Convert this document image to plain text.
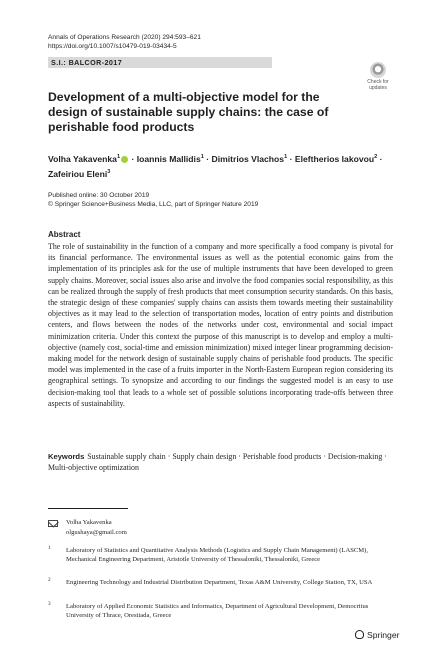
Annals of Operations Research (2020) 294:593–621
https://doi.org/10.1007/s10479-019-03434-5
S.I.: BALCOR-2017
Check for updates
Development of a multi-objective model for the design of sustainable supply chains: the case of perishable food products
Volha Yakavenka$^1$ · Ioannis Mallidis$^1$ · Dimitrios Vlachos$^1$ · Eleftherios Iakovou$^2$ ·
Zafeiriou Eleni$^3$
Published online: 30 October 2019
© Springer Science+Business Media, LLC, part of Springer Nature 2019
Abstract
The role of sustainability in the function of a company and more specifically a food company is pivotal for its financial performance. The environmental issues as well as the potential economic gains from the implementation of its principles ask for the use of multiple instruments that have been developed to green supply chains. Moreover, social issues also arise and involve the food companies social responsibility, as this can be realized through the supply of fresh products that meet consumption security standards. On this basis, the strategic design of these companies' supply chains can assists them towards meeting their sustainability objectives as it may lead to the selection of transportation modes, location of entry points and distribution centers, and flows between the nodes of the networks under cost, environmental and social impact minimization criteria. Under this context the purpose of this manuscript is to develop and employ a multi-objective (namely cost, social-time and emission minimization) mixed integer linear programming decision-making model for the network design of sustainable supply chains of perishable food products. The specific model was implemented in the case of a fruits importer in the North-Eastern European region considering its geographical settings. To synopsize and according to our findings the suggested model is an easy to use decision-making tool that leads to a whole set of possible solutions incorporating trade-offs between three aspects of sustainability.
Keywords Sustainable supply chain · Supply chain design · Perishable food products · Decision-making · Multi-objective optimization
Volha Yakavenka
olgushaya@gmail.com
1 Laboratory of Statistics and Quantitative Analysis Methods (Logistics and Supply Chain Management) (LASCM), Mechanical Engineering Department, Aristotle University of Thessaloniki, Thessaloniki, Greece
2 Engineering Technology and Industrial Distribution Department, Texas A&M University, College Station, TX, USA
3 Laboratory of Applied Economic Statistics and Informatics, Department of Agricultural Development, Democritus University of Thrace, Orestiada, Greece
Springer
